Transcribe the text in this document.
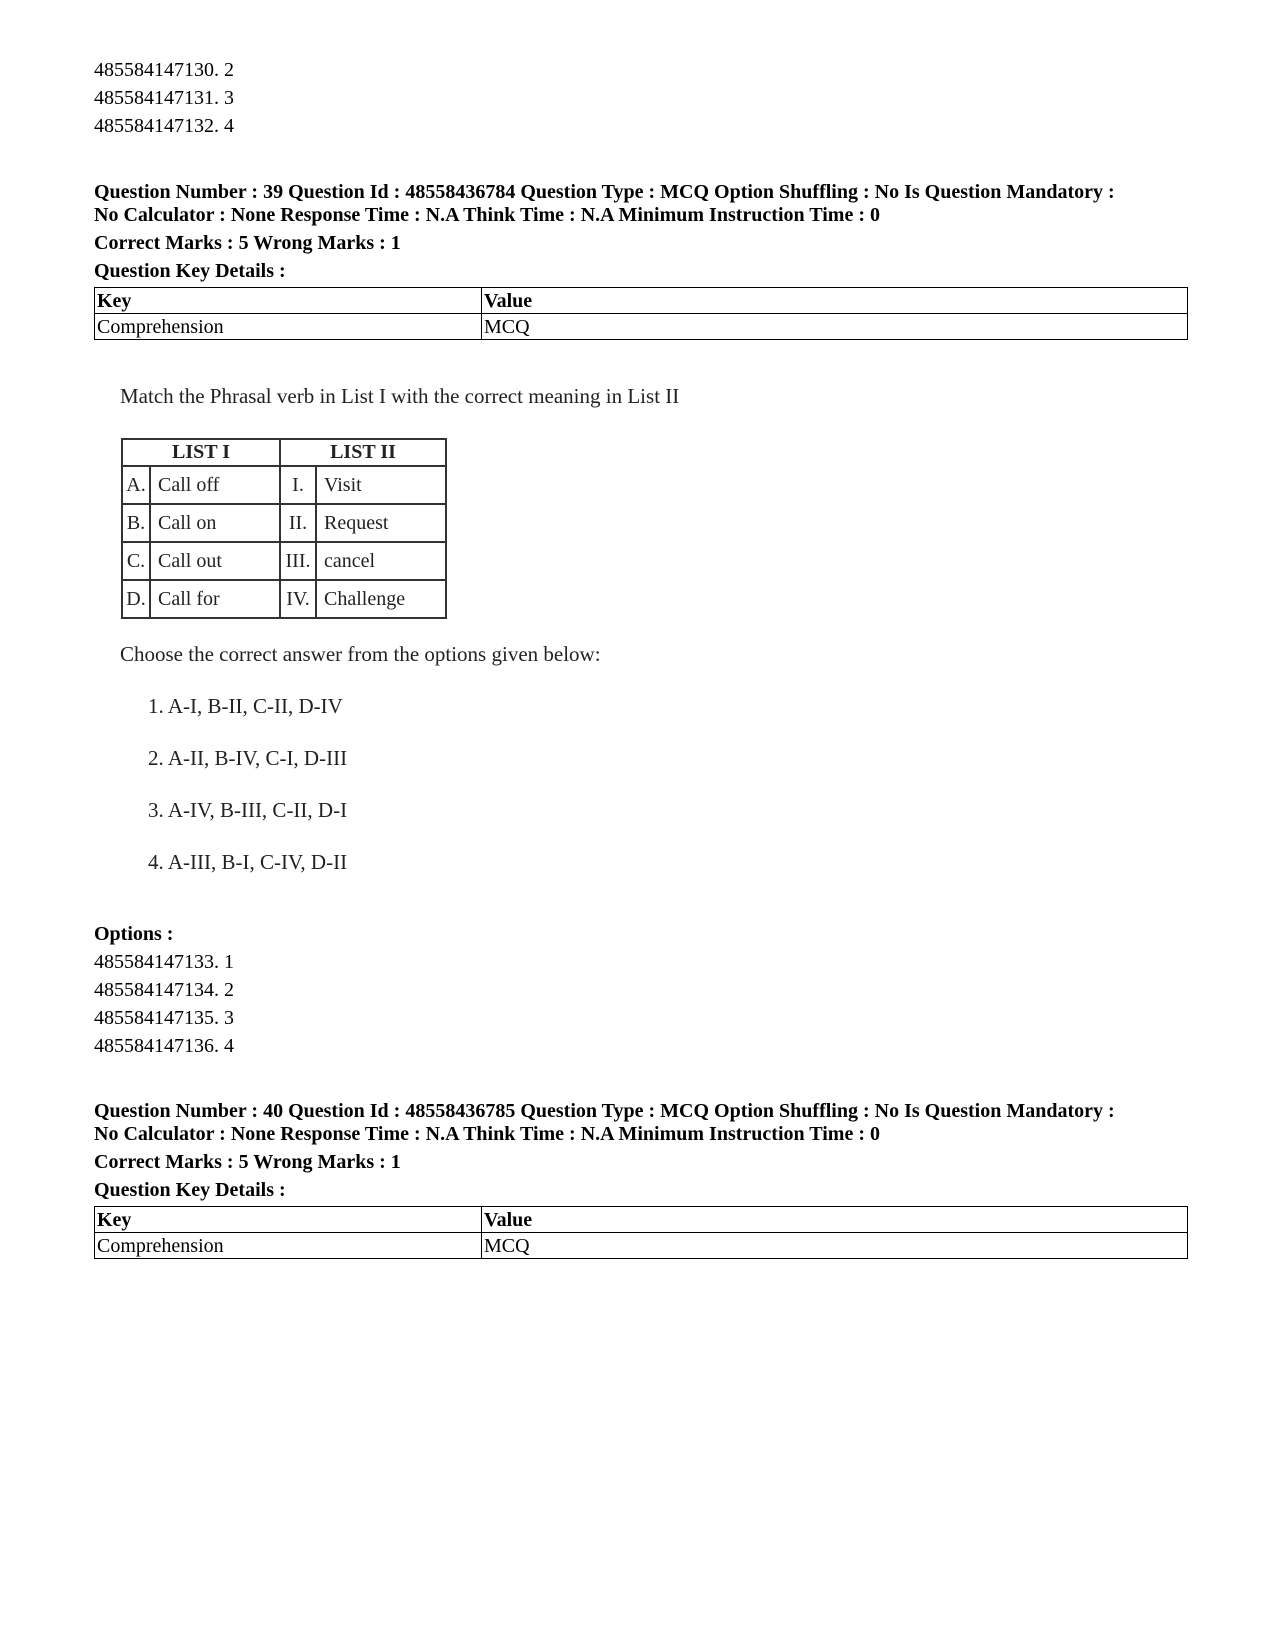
485584147130. 2
485584147131. 3
485584147132. 4
Question Number : 39 Question Id : 48558436784 Question Type : MCQ Option Shuffling : No Is Question Mandatory :
No Calculator : None Response Time : N.A Think Time : N.A Minimum Instruction Time : 0
Correct Marks : 5 Wrong Marks : 1
Question Key Details :
Key	Value
Comprehension	MCQ
Match the Phrasal verb in List I with the correct meaning in List II
LIST I		LIST II	
A.	Call off	I.	Visit
B.	Call on	II.	Request
C.	Call out	III.	cancel
D.	Call for	IV.	Challenge
Choose the correct answer from the options given below:
1. A-I, B-II, C-II, D-IV
2. A-II, B-IV, C-I, D-III
3. A-IV, B-III, C-II, D-I
4. A-III, B-I, C-IV, D-II
Options :
485584147133. 1
485584147134. 2
485584147135. 3
485584147136. 4
Question Number : 40 Question Id : 48558436785 Question Type : MCQ Option Shuffling : No Is Question Mandatory :
No Calculator : None Response Time : N.A Think Time : N.A Minimum Instruction Time : 0
Correct Marks : 5 Wrong Marks : 1
Question Key Details :
Key	Value
Comprehension	MCQ
